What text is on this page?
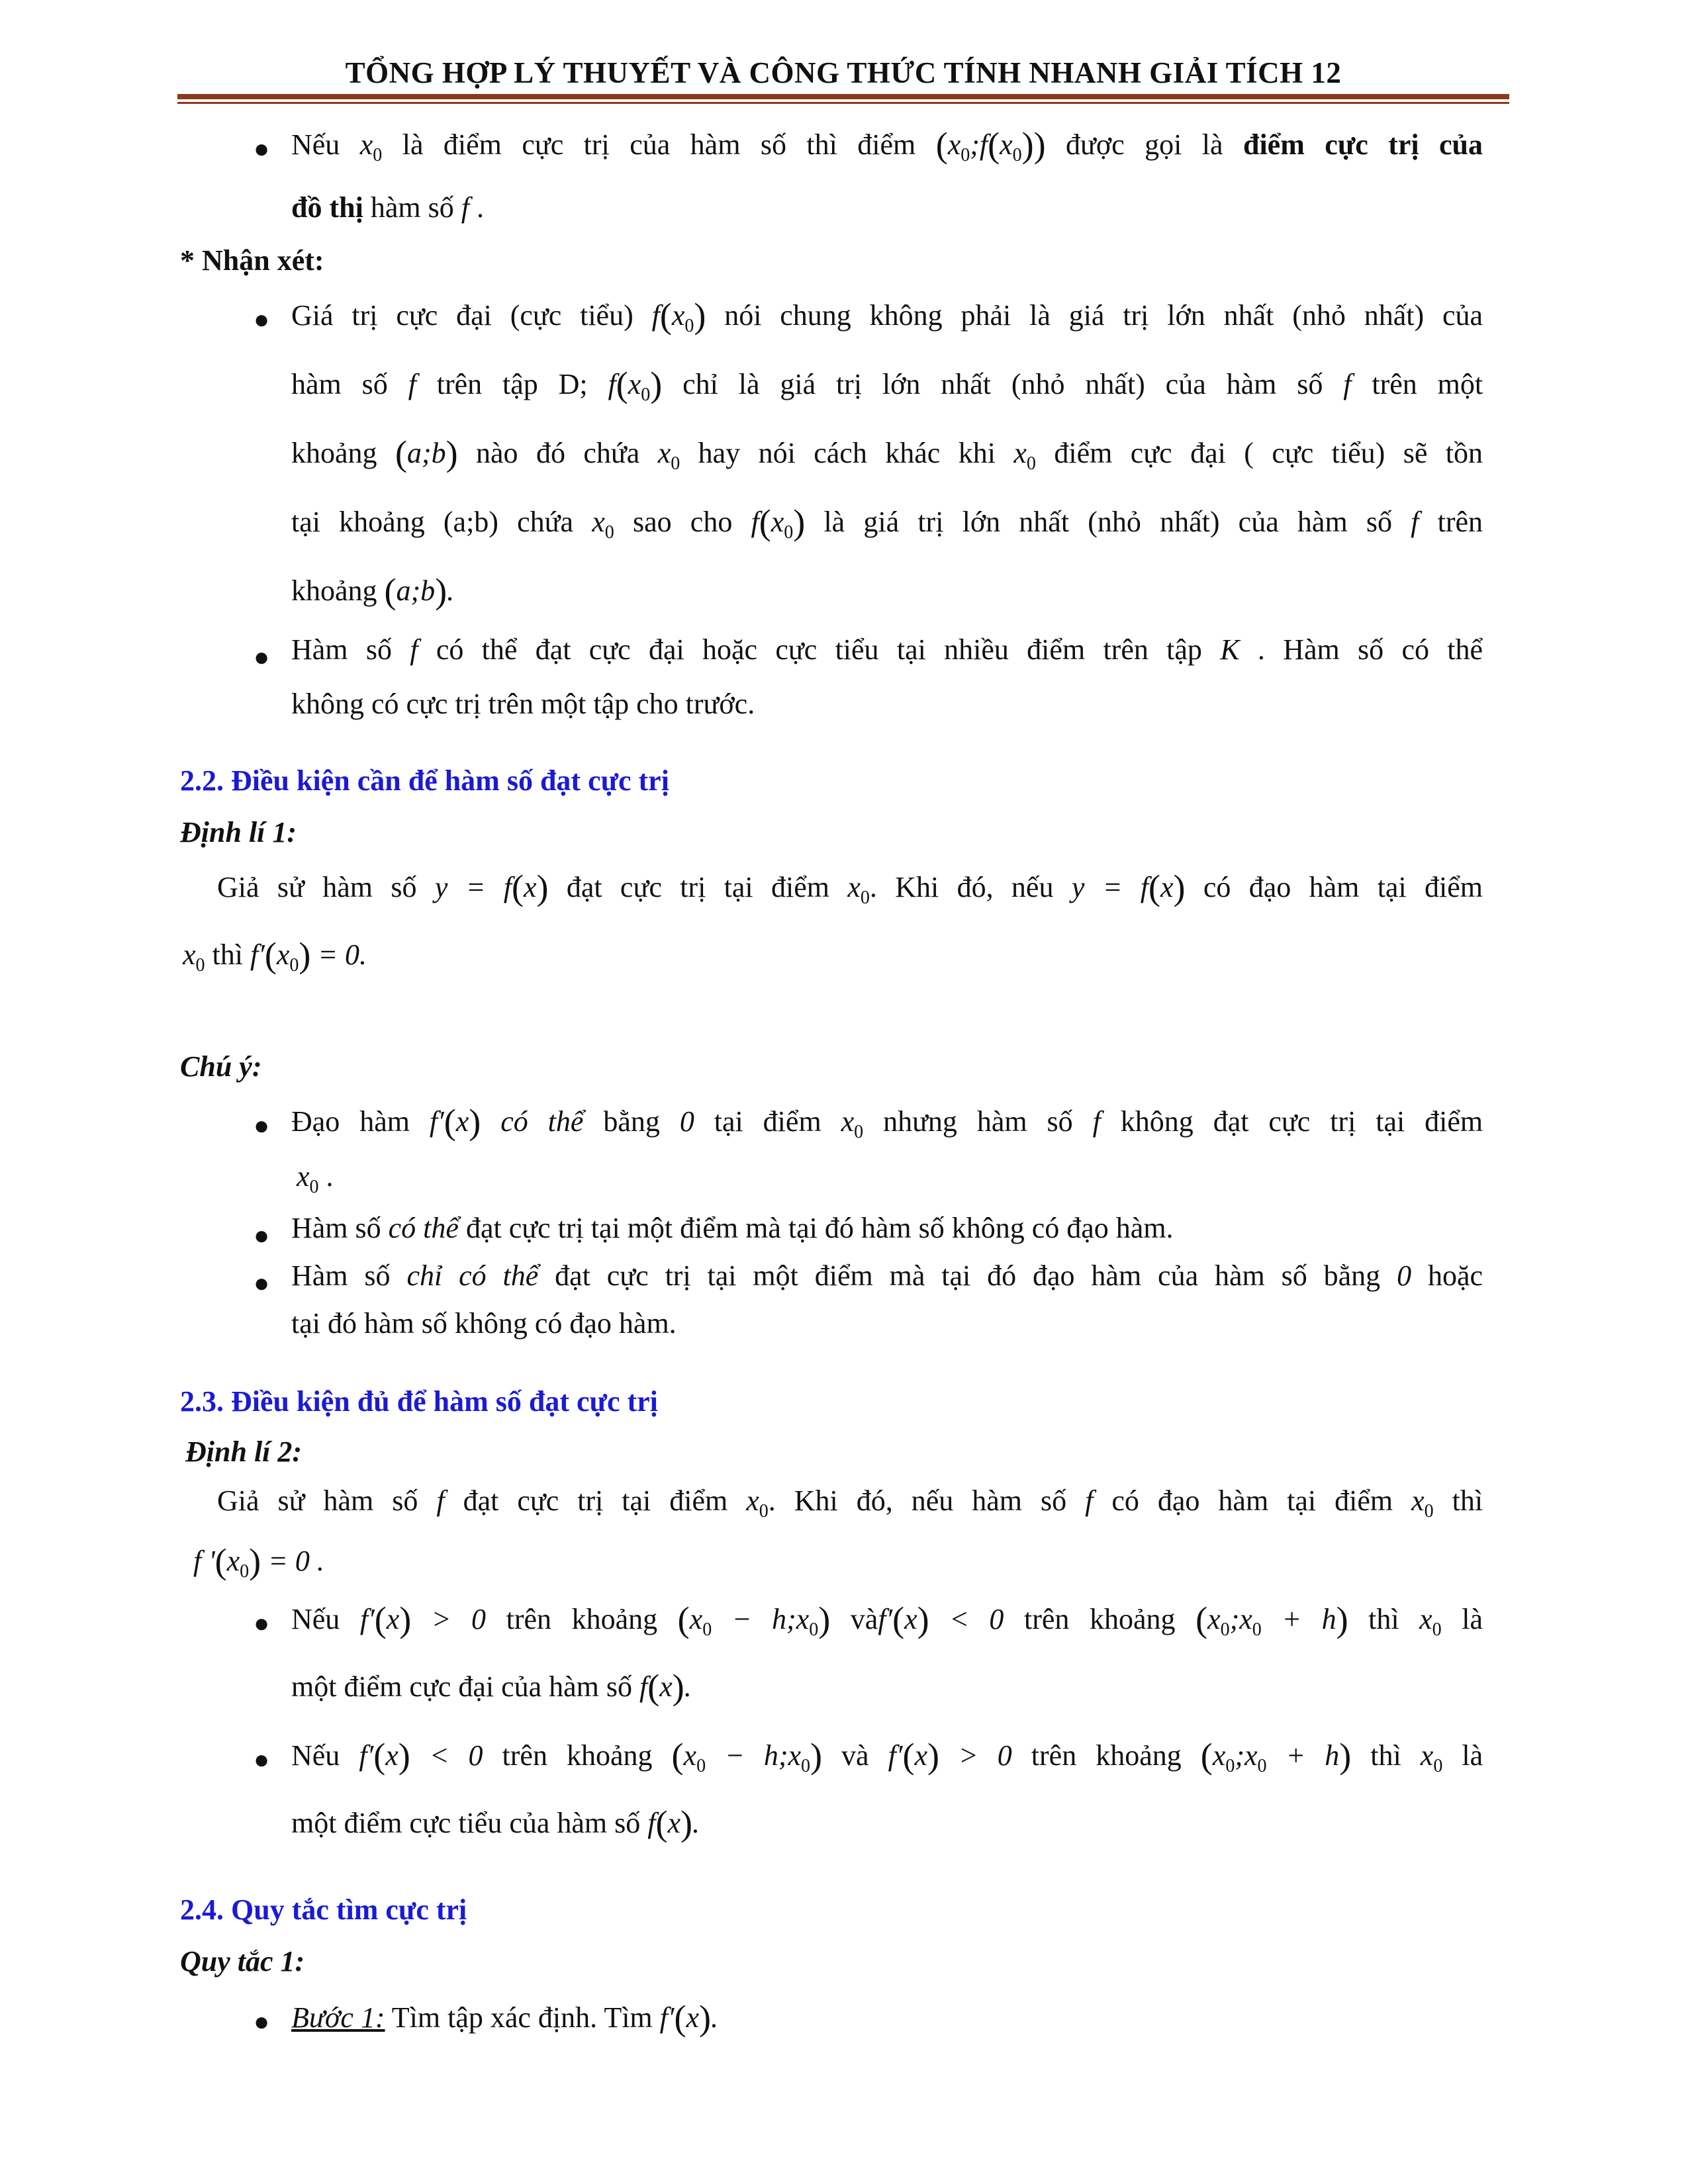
TỔNG HỢP LÝ THUYẾT VÀ CÔNG THỨC TÍNH NHANH GIẢI TÍCH 12
● Nếu $x_0$ là điểm cực trị của hàm số thì điểm $(x_0;f(x_0))$ được gọi là điểm cực trị của
đồ thị hàm số f .
* Nhận xét:
● Giá trị cực đại (cực tiểu) $f(x_0)$ nói chung không phải là giá trị lớn nhất (nhỏ nhất) của
hàm số f trên tập D; $f(x_0)$ chỉ là giá trị lớn nhất (nhỏ nhất) của hàm số f trên một
khoảng (a;b) nào đó chứa $x_0$ hay nói cách khác khi $x_0$ điểm cực đại ( cực tiểu) sẽ tồn
tại khoảng (a;b) chứa $x_0$ sao cho $f(x_0)$ là giá trị lớn nhất (nhỏ nhất) của hàm số f trên
khoảng (a;b).
● Hàm số f có thể đạt cực đại hoặc cực tiểu tại nhiều điểm trên tập K . Hàm số có thể
không có cực trị trên một tập cho trước.
2.2. Điều kiện cần để hàm số đạt cực trị
Định lí 1:
Giả sử hàm số y = f(x) đạt cực trị tại điểm $x_0$. Khi đó, nếu y = f(x) có đạo hàm tại điểm
$x_0$ thì $f'(x_0) = 0$.
Chú ý:
● Đạo hàm f′(x) có thể bằng 0 tại điểm $x_0$ nhưng hàm số f không đạt cực trị tại điểm
$x_0$ .
● Hàm số có thể đạt cực trị tại một điểm mà tại đó hàm số không có đạo hàm.
● Hàm số chỉ có thể đạt cực trị tại một điểm mà tại đó đạo hàm của hàm số bằng 0 hoặc
tại đó hàm số không có đạo hàm.
2.3. Điều kiện đủ để hàm số đạt cực trị
Định lí 2:
Giả sử hàm số f đạt cực trị tại điểm $x_0$. Khi đó, nếu hàm số f có đạo hàm tại điểm $x_0$ thì
f '$(x_0) = 0$ .
● Nếu f′(x) > 0 trên khoảng ($x_0$ − $h;x_0$) vàf′(x) < 0 trên khoảng $(x_0;x_0 + h)$ thì $x_0$ là
một điểm cực đại của hàm số f(x).
● Nếu f′(x) < 0 trên khoảng ($x_0$ − $h;x_0$) và f′(x) > 0 trên khoảng $(x_0;x_0 + h)$ thì $x_0$ là
một điểm cực tiểu của hàm số f(x).
2.4. Quy tắc tìm cực trị
Quy tắc 1:
● Bước 1: Tìm tập xác định. Tìm f′(x).
